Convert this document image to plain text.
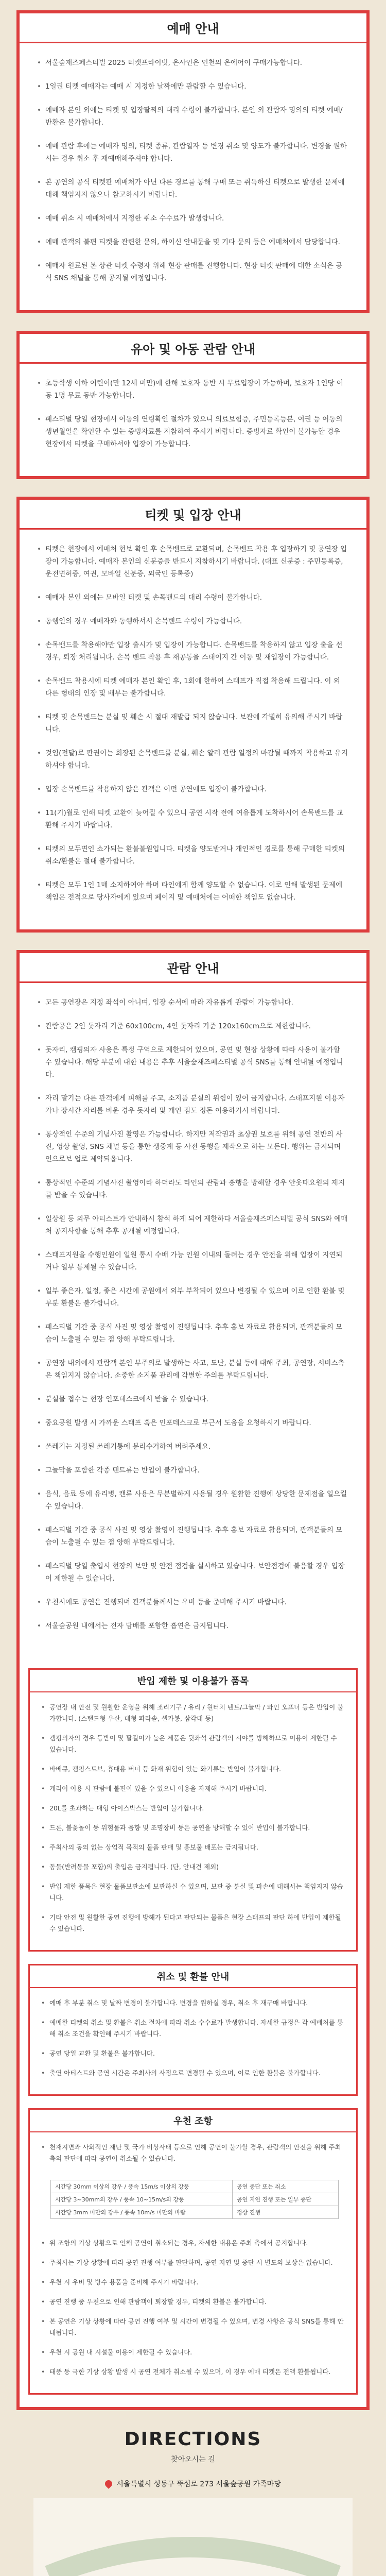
예매 안내
• 서울숲재즈페스티벌 2025 티켓프라이빗, 온사인은 인천의 온에어이 구매가능합니다.
• 1일권 티켓 예매자는 예매 시 지정한 날짜에만 관람할 수 있습니다.
• 예매자 본인 외에는 티켓 및 입장팔찌의 대리 수령이 불가합니다. 본인 외 관람자 명의의 티켓 예매/반환은 불가합니다.
• 예매 관람 후에는 예매자 명의, 티켓 종류, 관람일자 등 변경 취소 및 양도가 불가합니다. 변경을 원하시는 경우 취소 후 재예매해주셔야 합니다.
• 본 공연의 공식 티켓판 예매처가 아닌 다른 경로를 통해 구매 또는 취득하신 티켓으로 발생한 문제에 대해 책임지지 않으니 참고하시기 바랍니다.
• 예매 취소 시 예매처에서 지정한 취소 수수료가 발생합니다.
• 예매 관객의 불편 티켓을 관련한 문의, 하이신 안내문을 및 기타 문의 등은 예매처에서 담당합니다.
• 예매자 원료된 본 상관 티켓 수령자 위해 현장 판매를 진행합니다. 현장 티켓 판매에 대한 소식은 공식 SNS 채널을 통해 공지될 예정입니다.
유아 및 아동 관람 안내
• 초등학생 이하 어린이(만 12세 미만)에 한해 보호자 동반 시 무료입장이 가능하며, 보호자 1인당 어동 1명 무료 동반 가능합니다.
• 페스티벌 당일 현장에서 어동의 연령확인 절차가 있으니 의료보험증, 주민등록등본, 여권 등 어동의 생년월일을 확인할 수 있는 증빙자료를 지참하여 주시기 바랍니다. 증빙자료 확인이 불가능할 경우 현장에서 티켓을 구매하셔야 입장이 가능합니다.
티켓 및 입장 안내
• 티켓은 현장에서 예매처 현보 확인 후 손목밴드로 교환되며, 손목밴드 착용 후 입장하기 및 공연장 입장이 가능합니다. 예매자 본인의 신분증을 반드시 지참하시기 바랍니다. (대표 신분증 : 주민등록증, 운전면허증, 여권, 모바일 신분증, 외국인 등록증)
• 예매자 본인 외에는 모바일 티켓 및 손목밴드의 대리 수령이 불가합니다.
• 동행인의 경우 예매자와 동행하셔서 손목밴드 수령이 가능합니다.
• 손목밴드를 착용해야만 입장 출시가 및 입장이 가능합니다. 손목밴드를 착용하지 않고 입장 출을 선 경우, 퇴장 처리됩니다. 손목 밴드 착용 후 재공통을 스태이지 간 이동 및 재입장이 가능합니다.
• 손목밴드 착용시에 티켓 예매자 본인 확인 후, 1회에 한하여 스태프가 직접 착용해 드립니다. 이 외 다른 형태의 인장 및 배부는 불가합니다.
• 티켓 및 손목밴드는 분실 및 훼손 시 절대 재발급 되지 않습니다. 보관에 각별히 유의해 주시기 바랍니다.
• 것임(전달)로 판권이는 회장된 손목밴드를 분실, 훼손 알러 관람 일정의 마감될 때까지 착용하고 유지하셔야 합니다.
• 입장 손목밴드를 착용하지 않은 관객은 어떤 공연에도 입장이 불가합니다.
• 11(기)월로 인해 티켓 교환이 늦어질 수 있으니 공연 시작 전에 여유롭게 도착하시어 손목밴드를 교환해 주시기 바랍니다.
• 티켓의 모두면인 쇼가되는 환불불원입니다. 티켓을 양도받거나 개인적인 경로를 통해 구매한 티켓의 취소/환불은 절대 불가합니다.
• 티켓은 모두 1인 1매 소지하여야 하며 타인에게 함께 양도할 수 없습니다. 이로 인해 발생된 문제에 책임은 전적으로 당사자에게 있으며 페이지 및 예매처에는 어떠한 책임도 없습니다.
관람 안내
• 모든 공연장은 지정 좌석이 아니며, 입장 순서에 따라 자유롭게 관람이 가능합니다.
• 관람공은 2인 돗자리 기준 60x100cm, 4인 돗자리 기준 120x160cm으로 제한합니다.
• 돗자리, 캠핑의자 사용은 특정 구역으로 제한되어 있으며, 공연 및 현장 상황에 따라 사용이 불가할 수 있습니다. 해당 부분에 대한 내용은 추후 서울숲재즈페스티벌 공식 SNS를 통해 안내될 예정입니다.
• 자리 맡기는 다른 관객에게 피해를 주고, 소지품 분실의 위험이 있어 금지합니다. 스태프지원 이용자가나 장시간 자리를 비운 경우 돗자리 및 개인 짐도 정돈 이용하기시 바랍니다.
• 통상적인 수준의 기념사진 촬영은 가능합니다. 하지만 저작권과 초상권 보호를 위해 공연 전반의 사진, 영상 촬영, SNS 채널 등을 통한 생중계 등 사전 동행을 제작으로 하는 모든다. 행위는 금지되며 인으로보 업로 제약되옵니다.
• 통상적인 수준의 기념사진 촬영이라 하더라도 타인의 관람과 흥행을 방해할 경우 안웃때요원의 제지를 받을 수 있습니다.
• 일상원 등 외무 아티스트가 안내하시 참석 하게 되어 제한하다 서울숲재즈페스티벌 공식 SNS와 예매처 공지사항을 통해 추후 공개될 예정입니다.
• 스태프지원을 수행인원이 일원 통시 수배 가능 인원 이내의 돌려는 경우 안전을 위해 입장이 지연되거나 일부 통제될 수 있습니다.
• 일부 좋은자, 일정, 좋은 시간에 공원에서 외부 부착되어 있으나 변경될 수 있으며 이로 인한 환불 및 부분 환불은 불가합니다.
• 페스티벌 기간 중 공식 사진 및 영상 촬영이 진행됩니다. 추후 홍보 자료로 활용되며, 관객분들의 모습이 노출될 수 있는 점 양해 부탁드립니다.
• 공연장 내외에서 관람객 본인 부주의로 발생하는 사고, 도난, 분실 등에 대해 주최, 공연장, 서비스측은 책임지지 않습니다. 소중한 소지품 관리에 각별한 주의를 부탁드립니다.
• 분실물 접수는 현장 인포데스크에서 받을 수 있습니다.
• 중요공원 발생 시 가까운 스태프 혹은 인포데스크로 부근서 도움을 요청하시기 바랍니다.
• 쓰레기는 지정된 쓰레기통에 분리수거하여 버려주세요.
• 그늘막을 포함한 각종 텐트류는 반입이 불가합니다.
• 음식, 음료 등에 유리병, 캔류 사용은 무분별하게 사용될 경우 원활한 진행에 상당한 문제점을 일으킬 수 있습니다.
• 페스티벌 기간 중 공식 사진 및 영상 촬영이 진행됩니다. 추후 홍보 자료로 활용되며, 관객분들의 모습이 노출될 수 있는 점 양해 부탁드립니다.
• 페스티벌 당일 출입시 현장의 보안 및 안전 점검을 실시하고 있습니다. 보안점검에 불응할 경우 입장이 제한될 수 있습니다.
• 우천시에도 공연은 진행되며 관객분들께서는 우비 등을 준비해 주시기 바랍니다.
• 서울숲공원 내에서는 전자 담배를 포함한 흡연은 금지됩니다.
반입 제한 및 이용불가 품목
• 공연장 내 안전 및 원활한 운영을 위해 조리기구 / 유리 / 원터치 텐트/그늘막 / 와인 오프너 등은 반입이 불가합니다. (스탠드형 우산, 대형 파라솔, 셀카봉, 삼각대 등)
• 캠핑의자의 경우 등받이 및 팔걸이가 높은 제품은 뒷좌석 관람객의 시야를 방해하므로 이용이 제한될 수 있습니다.
• 바베큐, 캠핑스토브, 휴대용 버너 등 화재 위험이 있는 화기류는 반입이 불가합니다.
• 캐리어 이용 시 관람에 불편이 있을 수 있으니 이용을 자제해 주시기 바랍니다.
• 20L를 초과하는 대형 아이스박스는 반입이 불가합니다.
• 드론, 불꽃놀이 등 위험물과 음향 및 조명장비 등은 공연을 방해할 수 있어 반입이 불가합니다.
• 주최사의 동의 없는 상업적 목적의 물품 판매 및 홍보물 배포는 금지됩니다.
• 동물(반려동물 포함)의 출입은 금지됩니다. (단, 안내견 제외)
• 반입 제한 품목은 현장 물품보관소에 보관하실 수 있으며, 보관 중 분실 및 파손에 대해서는 책임지지 않습니다.
• 기타 안전 및 원활한 공연 진행에 방해가 된다고 판단되는 물품은 현장 스태프의 판단 하에 반입이 제한될 수 있습니다.
취소 및 환불 안내
• 예매 후 부분 취소 및 날짜 변경이 불가합니다. 변경을 원하실 경우, 취소 후 재구매 바랍니다.
• 예매한 티켓의 취소 및 환불은 취소 절차에 따라 취소 수수료가 발생합니다. 자세한 규정은 각 예매처를 통해 취소 조건을 확인해 주시기 바랍니다.
• 공연 당일 교환 및 환불은 불가합니다.
• 출연 아티스트와 공연 시간은 주최사의 사정으로 변경될 수 있으며, 이로 인한 환불은 불가합니다.
우천 조항
• 천재지변과 사회적인 재난 및 국가 비상사태 등으로 인해 공연이 불가할 경우, 관람객의 안전을 위해 주최 측의 판단에 따라 공연이 취소될 수 있습니다.
시간당 30mm 이상의 강우 / 풍속 15m/s 이상의 강풍	공연 중단 또는 취소
시간당 3~30mm의 강우 / 풍속 10~15m/s의 강풍	공연 지연 진행 또는 일부 중단
시간당 3mm 미만의 강우 / 풍속 10m/s 미만의 바람	정상 진행
• 위 조항의 기상 상황으로 인해 공연이 취소되는 경우, 자세한 내용은 주최 측에서 공지합니다.
• 주최사는 기상 상황에 따라 공연 진행 여부를 판단하며, 공연 지연 및 중단 시 별도의 보상은 없습니다.
• 우천 시 우비 및 방수 용품을 준비해 주시기 바랍니다.
• 공연 진행 중 우천으로 인해 관람객이 퇴장할 경우, 티켓의 환불은 불가합니다.
• 본 공연은 기상 상황에 따라 공연 진행 여부 및 시간이 변경될 수 있으며, 변경 사항은 공식 SNS를 통해 안내됩니다.
• 우천 시 공원 내 시설물 이용이 제한될 수 있습니다.
• 태풍 등 극한 기상 상황 발생 시 공연 전체가 취소될 수 있으며, 이 경우 예매 티켓은 전액 환불됩니다.
DIRECTIONS
찾아오시는 길
서울특별시 성동구 뚝섬로 273 서울숲공원 가족마당
